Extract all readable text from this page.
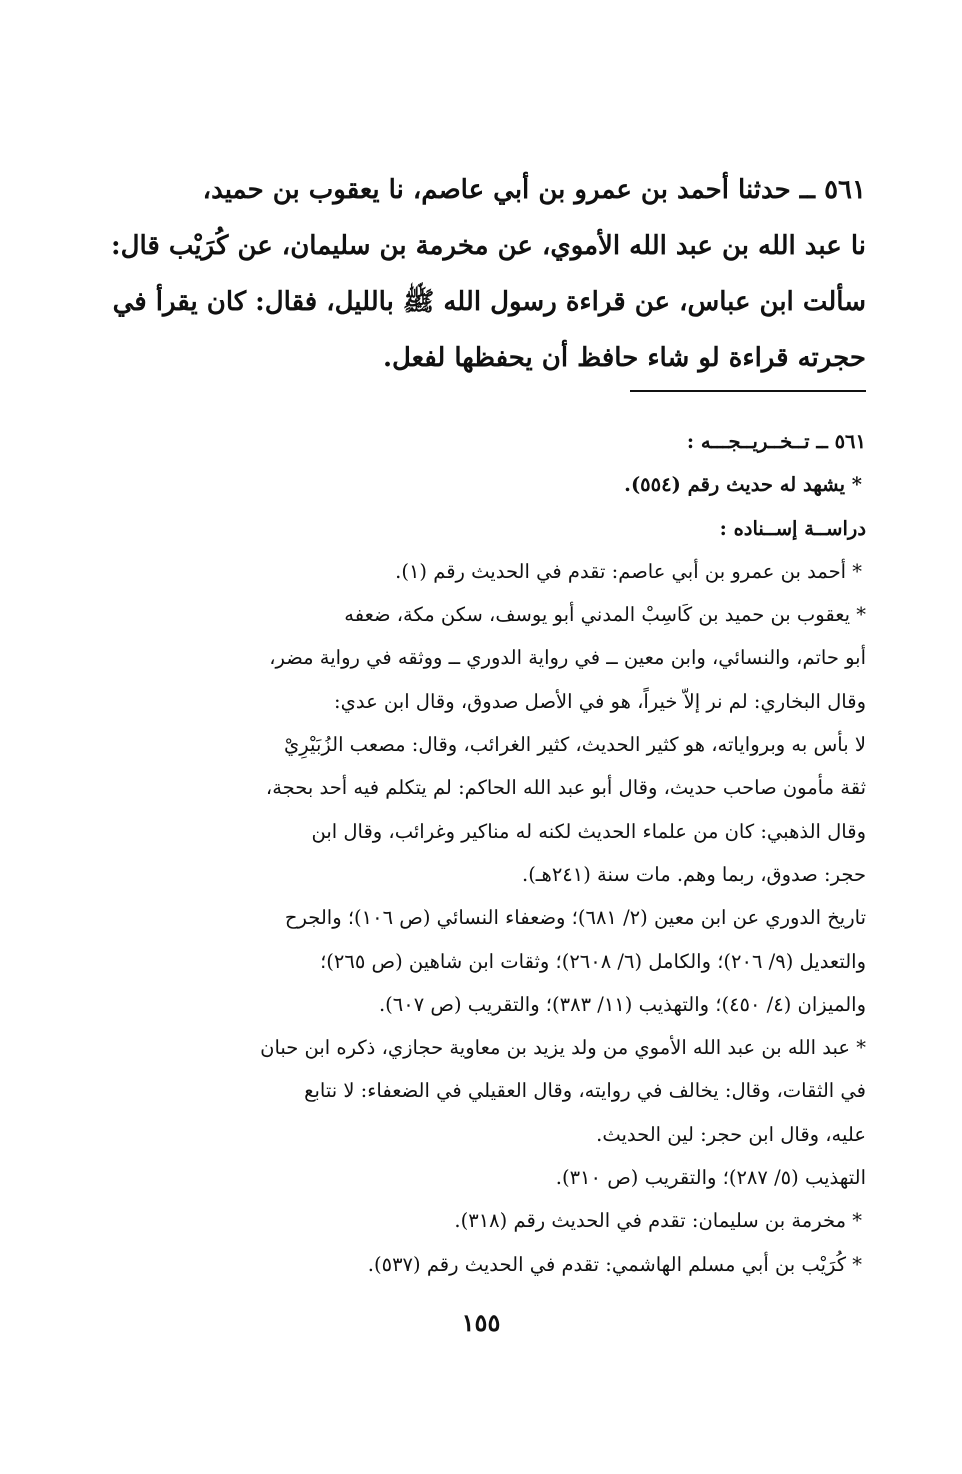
٥٦١ ــ حدثنا أحمد بن عمرو بن أبي عاصم، نا يعقوب بن حميد،
نا عبد الله بن عبد الله الأموي، عن مخرمة بن سليمان، عن كُرَيْب قال:
سألت ابن عباس، عن قراءة رسول الله ﷺ بالليل، فقال: كان يقرأ في
حجرته قراءة لو شاء حافظ أن يحفظها لفعل.
٥٦١ ــ تــخــريــجـــه :
* يشهد له حديث رقم (٥٥٤).
دراســة إســناده :
* أحمد بن عمرو بن أبي عاصم: تقدم في الحديث رقم (١).
* يعقوب بن حميد بن كَاسِبْ المدني أبو يوسف، سكن مكة، ضعفه
أبو حاتم، والنسائي، وابن معين ــ في رواية الدوري ــ ووثقه في رواية مضر،
وقال البخاري: لم نر إلاّ خيراً، هو في الأصل صدوق، وقال ابن عدي:
لا بأس به وبرواياته، هو كثير الحديث، كثير الغرائب، وقال: مصعب الزُبَيْرِيْ
ثقة مأمون صاحب حديث، وقال أبو عبد الله الحاكم: لم يتكلم فيه أحد بحجة،
وقال الذهبي: كان من علماء الحديث لكنه له مناكير وغرائب، وقال ابن
حجر: صدوق، ربما وهم. مات سنة (٢٤١هـ).
تاريخ الدوري عن ابن معين (٢/ ٦٨١)؛ وضعفاء النسائي (ص ١٠٦)؛ والجرح
والتعديل (٩/ ٢٠٦)؛ والكامل (٦/ ٢٦٠٨)؛ وثقات ابن شاهين (ص ٢٦٥)؛
والميزان (٤/ ٤٥٠)؛ والتهذيب (١١/ ٣٨٣)؛ والتقريب (ص ٦٠٧).
* عبد الله بن عبد الله الأموي من ولد يزيد بن معاوية حجازي، ذكره ابن حبان
في الثقات، وقال: يخالف في روايته، وقال العقيلي في الضعفاء: لا نتابع
عليه، وقال ابن حجر: لين الحديث.
التهذيب (٥/ ٢٨٧)؛ والتقريب (ص ٣١٠).
* مخرمة بن سليمان: تقدم في الحديث رقم (٣١٨).
* كُرَيْب بن أبي مسلم الهاشمي: تقدم في الحديث رقم (٥٣٧).
١٥٥
